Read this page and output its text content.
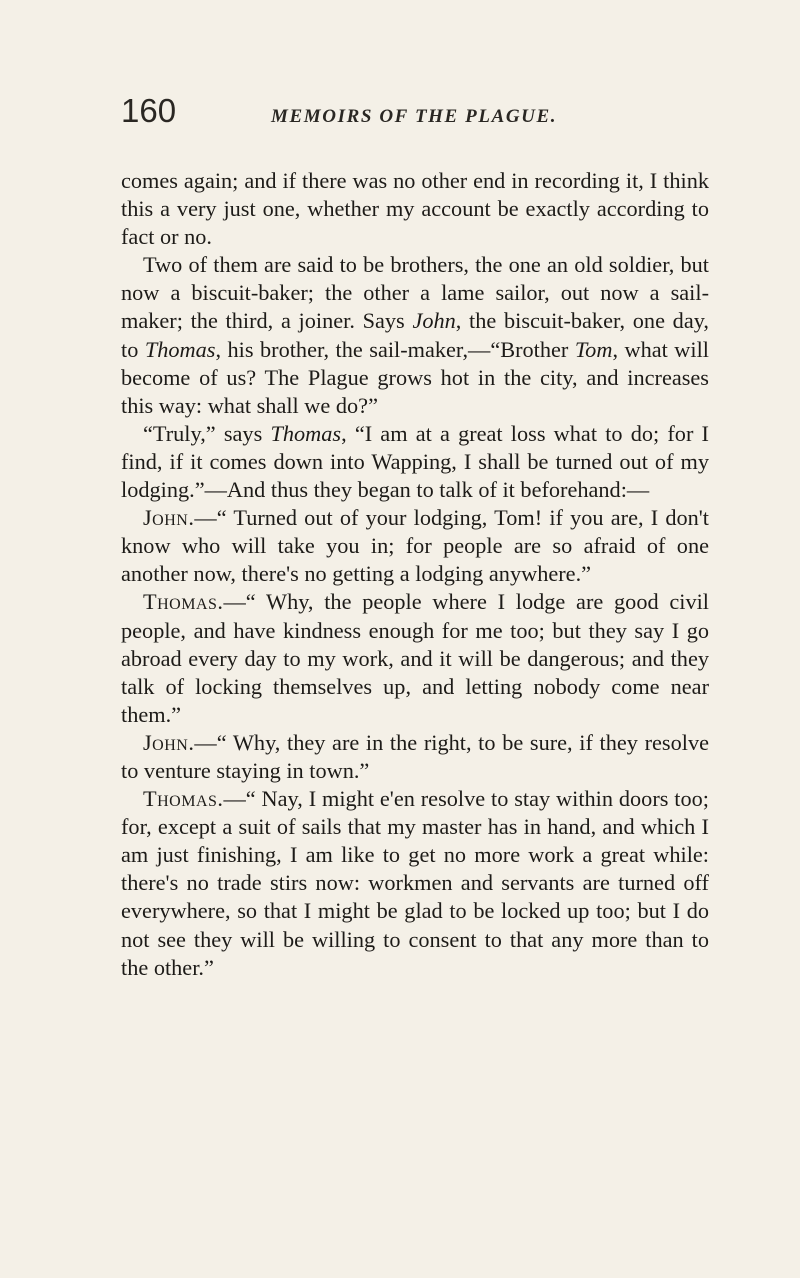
160	MEMOIRS OF THE PLAGUE.

comes again; and if there was no other end in recording it, I think this a very just one, whether my account be exactly according to fact or no.

Two of them are said to be brothers, the one an old soldier, but now a biscuit-baker; the other a lame sailor, out now a sail-maker; the third, a joiner. Says John, the biscuit-baker, one day, to Thomas, his brother, the sail-maker,—“Brother Tom, what will become of us? The Plague grows hot in the city, and increases this way: what shall we do?”

“Truly,” says Thomas, “I am at a great loss what to do; for I find, if it comes down into Wapping, I shall be turned out of my lodging.”—And thus they began to talk of it beforehand:—

John.—“ Turned out of your lodging, Tom! if you are, I don't know who will take you in; for people are so afraid of one another now, there's no getting a lodging anywhere.”

Thomas.—“ Why, the people where I lodge are good civil people, and have kindness enough for me too; but they say I go abroad every day to my work, and it will be dangerous; and they talk of locking themselves up, and letting nobody come near them.”

John.—“ Why, they are in the right, to be sure, if they resolve to venture staying in town.”

Thomas.—“ Nay, I might e'en resolve to stay within doors too; for, except a suit of sails that my master has in hand, and which I am just finishing, I am like to get no more work a great while: there's no trade stirs now: workmen and servants are turned off everywhere, so that I might be glad to be locked up too; but I do not see they will be willing to consent to that any more than to the other.”
